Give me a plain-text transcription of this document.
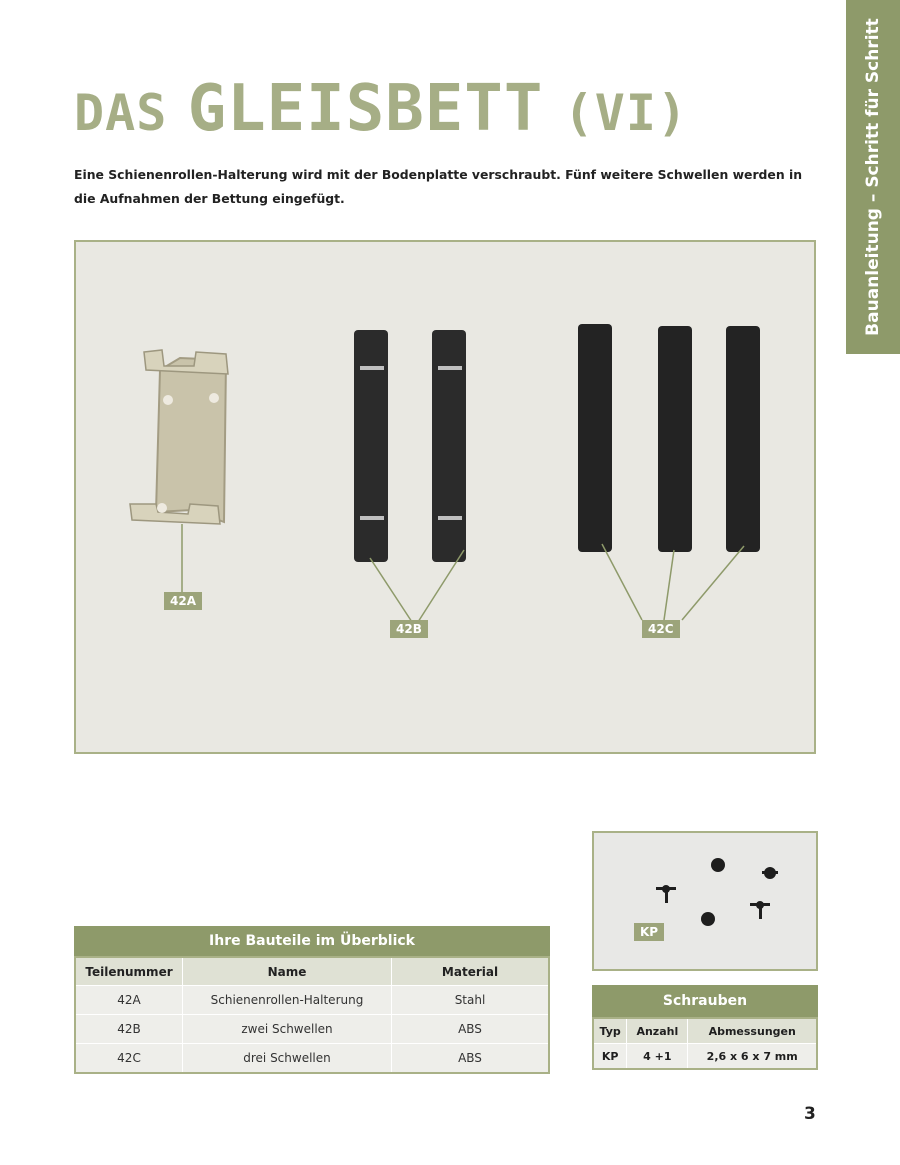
Bauanleitung – Schritt für Schritt
DAS GLEISBETT (VI)

Eine Schienenrollen-Halterung wird mit der Bodenplatte verschraubt. Fünf weitere Schwellen werden in die Aufnahmen der Bettung eingefügt.

42A
42B	42C
KP
Ihre Bauteile im Überblick
Teilenummer	Name	Material
42A	Schienenrollen-Halterung	Stahl
42B	zwei Schwellen	ABS
42C	drei Schwellen	ABS
Schrauben
Typ	Anzahl	Abmessungen
KP	4 +1	2,6 x 6 x 7 mm
3
